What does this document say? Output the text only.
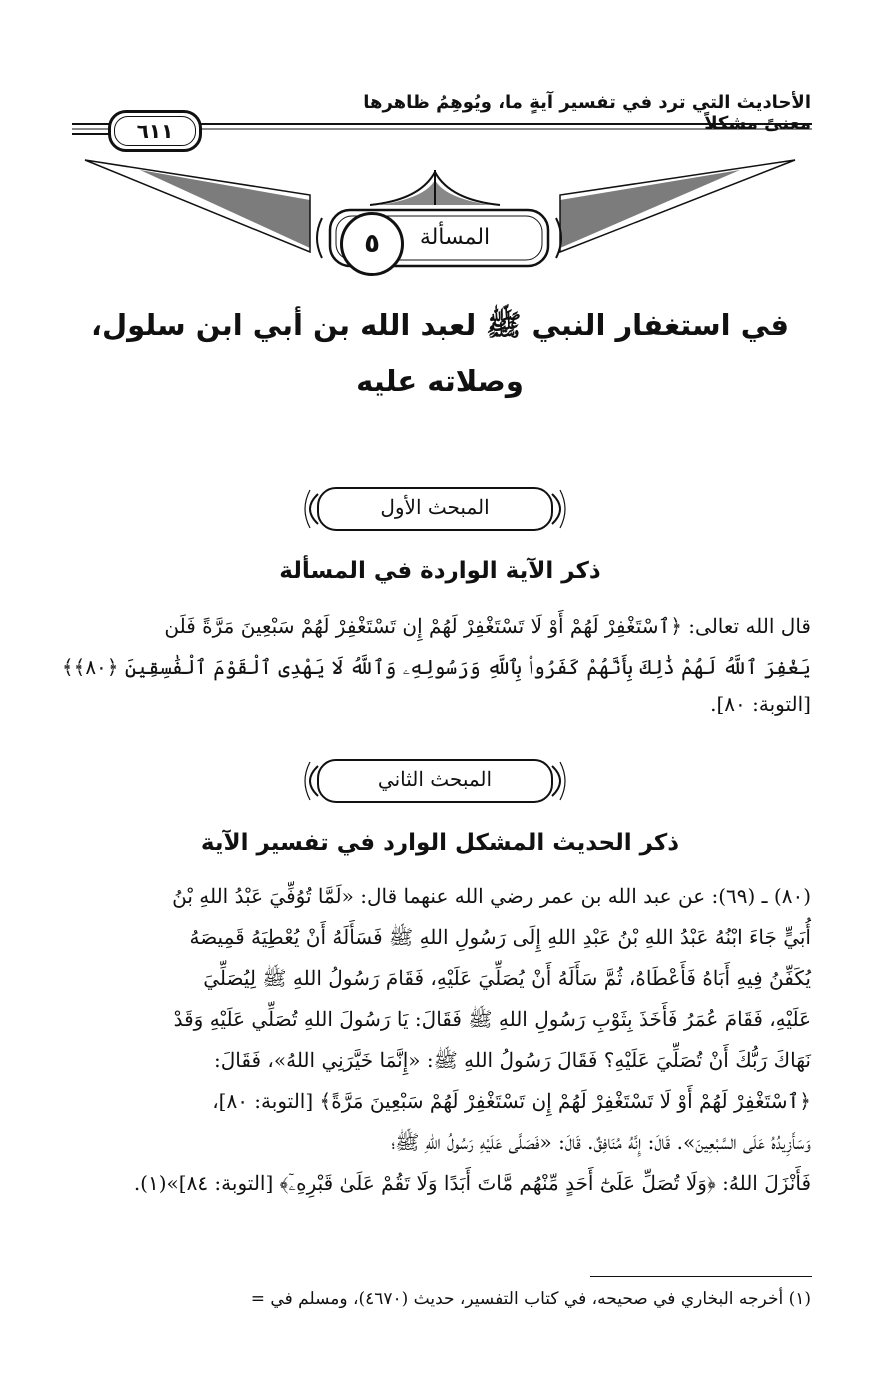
الأحاديث التي ترد في تفسير آيةٍ ما، ويُوهِمُ ظاهرها معنىً مشكلاً
٦١١
٥	المسألة
في استغفار النبي ﷺ لعبد الله بن أبي ابن سلول،
وصلاته عليه
المبحث الأول
ذكر الآية الواردة في المسألة
قال الله تعالى: ﴿ٱسْتَغْفِرْ لَهُمْ أَوْ لَا تَسْتَغْفِرْ لَهُمْ إِن تَسْتَغْفِرْ لَهُمْ سَبْعِينَ مَرَّةً فَلَن
يَغْفِرَ ٱللَّهُ لَهُمْ ذَٰلِكَ بِأَنَّهُمْ كَفَرُوا۟ بِٱللَّهِ وَرَسُولِهِۦ وَٱللَّهُ لَا يَهْدِى ٱلْقَوْمَ ٱلْفَٰسِقِينَ ﴿٨٠﴾﴾
[التوبة: ٨٠].
المبحث الثاني
ذكر الحديث المشكل الوارد في تفسير الآية
(٨٠) ـ (٦٩): عن عبد الله بن عمر رضي الله عنهما قال: «لَمَّا تُوُفِّيَ عَبْدُ اللهِ بْنُ
أُبَيٍّ جَاءَ ابْنُهُ عَبْدُ اللهِ بْنُ عَبْدِ اللهِ إِلَى رَسُولِ اللهِ ﷺ فَسَأَلَهُ أَنْ يُعْطِيَهُ قَمِيصَهُ
يُكَفِّنُ فِيهِ أَبَاهُ فَأَعْطَاهُ، ثُمَّ سَأَلَهُ أَنْ يُصَلِّيَ عَلَيْهِ، فَقَامَ رَسُولُ اللهِ ﷺ لِيُصَلِّيَ
عَلَيْهِ، فَقَامَ عُمَرُ فَأَخَذَ بِثَوْبِ رَسُولِ اللهِ ﷺ فَقَالَ: يَا رَسُولَ اللهِ تُصَلِّي عَلَيْهِ وَقَدْ
نَهَاكَ رَبُّكَ أَنْ تُصَلِّيَ عَلَيْهِ؟ فَقَالَ رَسُولُ اللهِ ﷺ: «إِنَّمَا خَيَّرَنِي اللهُ»، فَقَالَ:
﴿ٱسْتَغْفِرْ لَهُمْ أَوْ لَا تَسْتَغْفِرْ لَهُمْ إِن تَسْتَغْفِرْ لَهُمْ سَبْعِينَ مَرَّةً﴾ [التوبة: ٨٠]،
وَسَأَزِيدُهُ عَلَى السَّبْعِينَ». قَالَ: إِنَّهُ مُنَافِقٌ. قَالَ: «فَصَلَّى عَلَيْهِ رَسُولُ اللهِ ﷺ؛
فَأَنْزَلَ اللهُ: ﴿وَلَا تُصَلِّ عَلَىٰٓ أَحَدٍ مِّنْهُم مَّاتَ أَبَدًا وَلَا تَقُمْ عَلَىٰ قَبْرِهِۦٓ﴾ [التوبة: ٨٤]»(١).
(١) أخرجه البخاري في صحيحه، في كتاب التفسير، حديث (٤٦٧٠)، ومسلم في =
